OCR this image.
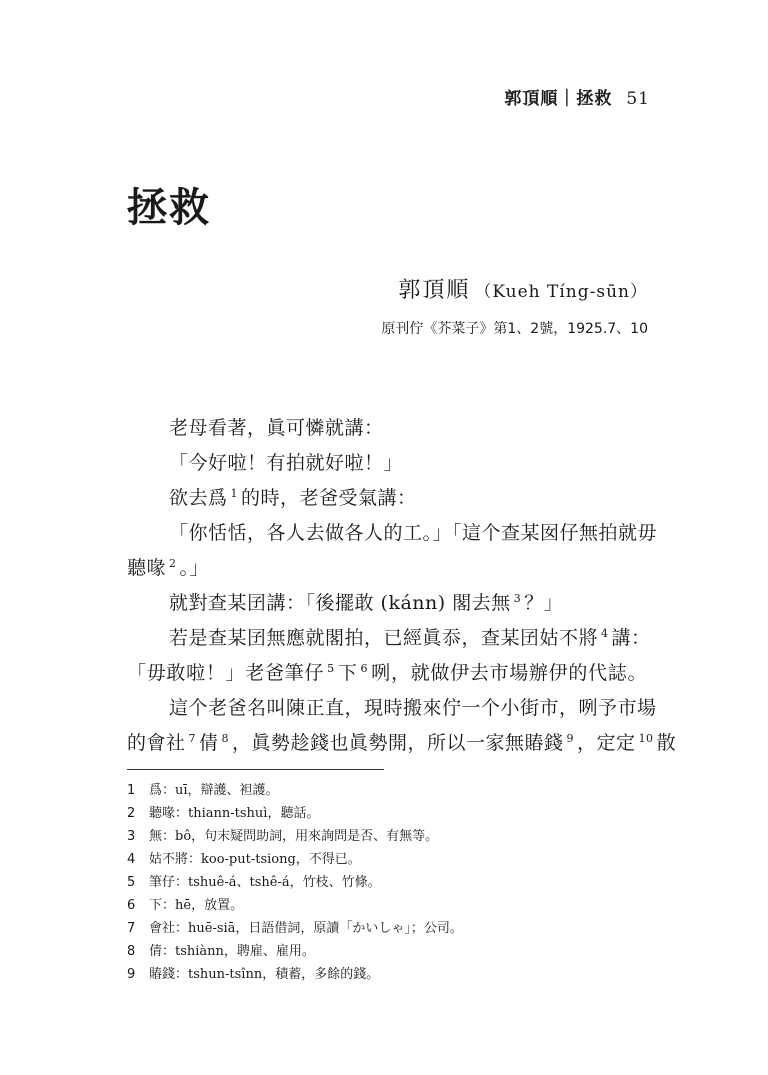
郭頂順｜拯救 51
拯救
郭頂順 （Kueh Tíng-sūn）
原刊佇《芥菜子》第1、2號，1925.7、10
老母看著，眞可憐就講：
「今好啦！有拍就好啦！」
欲去爲 $^1$ 的時，老爸受氣講：
「你恬恬，各人去做各人的工。」「這个查某囡仔無拍就毋
聽喙 $^2$ 。」
就對查某囝講：「後擺敢 (kánn) 閣去無 $^3$ ？」
若是查某囝無應就閣拍，已經眞忝，查某囝姑不將 $^4$ 講：
「毋敢啦！」老爸筆仔 $^5$ 下 $^6$ 咧，就做伊去市場辦伊的代誌。
這个老爸名叫陳正直，現時搬來佇一个小街市，咧予市場
的會社 $^7$ 倩 $^8$ ，眞勢趁錢也眞勢開，所以一家無賰錢 $^9$ ，定定 $^{10}$ 散
1 爲：uī，辯護、袒護。
2 聽喙：thiann-tshuì，聽話。
3 無：bô，句末疑問助詞，用來詢問是否、有無等。
4 姑不將：koo-put-tsiong，不得已。
5 筆仔：tshuê-á、tshê-á，竹枝、竹條。
6 下：hē，放置。
7 會社：huē-siā，日語借詞，原讀「かいしゃ」；公司。
8 倩：tshiànn，聘雇、雇用。
9 賰錢：tshun-tsînn，積蓄，多餘的錢。
